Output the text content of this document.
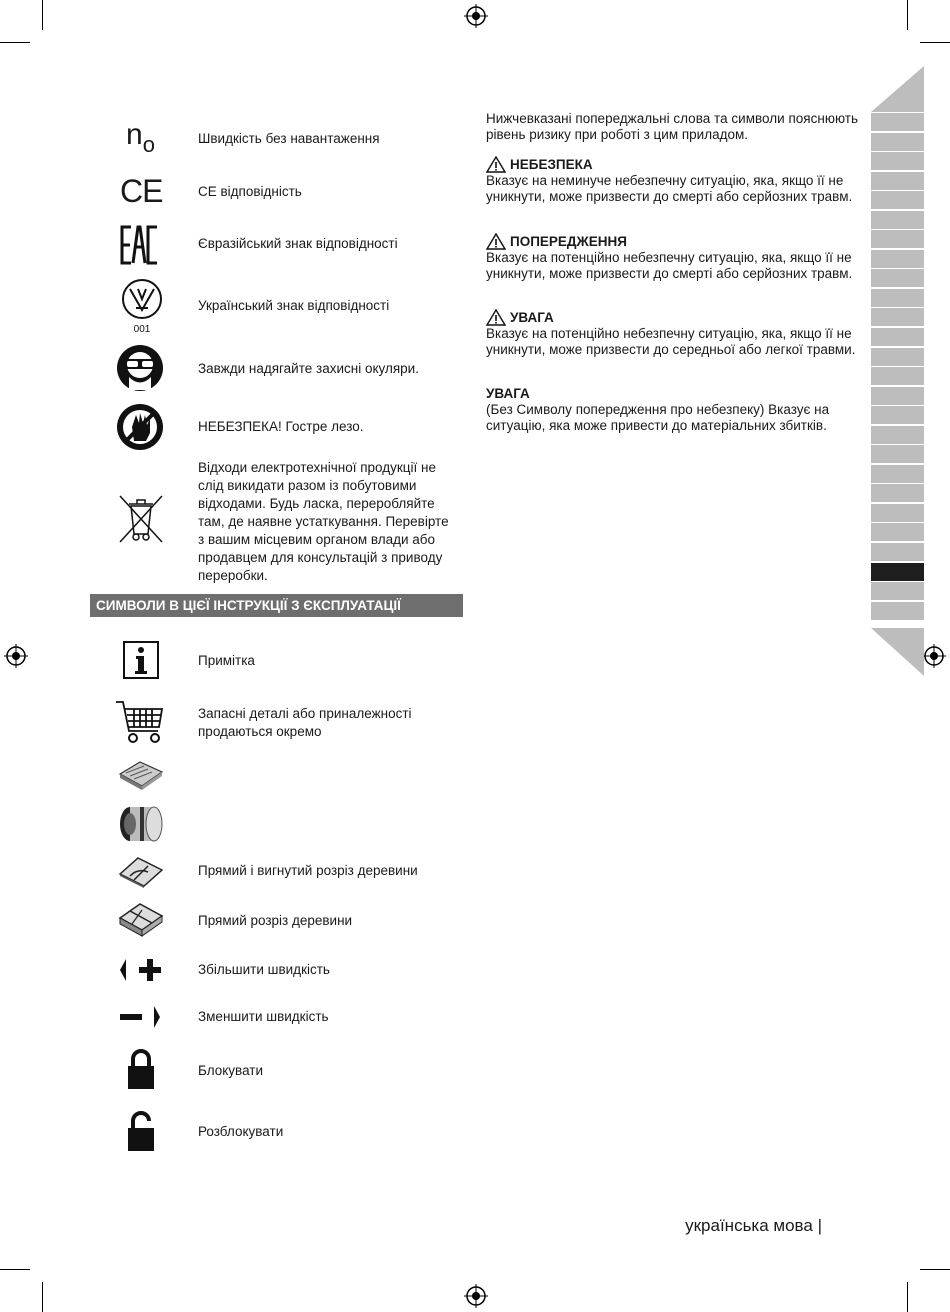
$n_o$	Швидкість без навантаження
CE	CE відповідність
Євразійський знак відповідності
001
Український знак відповідності
Завжди надягайте захисні окуляри.
НЕБЕЗПЕКА! Гостре лезо.
Відходи електротехнічної продукції не слід викидати разом із побутовими відходами. Будь ласка, переробляйте там, де наявне устаткування. Перевірте з вашим місцевим органом влади або продавцем для консультацій з приводу переробки.
СИМВОЛИ В ЦІЄЇ ІНСТРУКЦІЇ З ЄКСПЛУАТАЦІЇ
Примітка
Запасні деталі або приналежності продаються окремо
Прямий і вигнутий розріз деревини
Прямий розріз деревини
Збільшити швидкість
Зменшити швидкість
Блокувати
Розблокувати
Нижчевказані попереджальні слова та символи пояснюють рівень ризику при роботі з цим приладом.
НЕБЕЗПЕКА
Вказує на неминуче небезпечну ситуацію, яка, якщо її не уникнути, може призвести до смерті або серйозних травм.
ПОПЕРЕДЖЕННЯ
Вказує на потенційно небезпечну ситуацію, яка, якщо її не уникнути, може призвести до смерті або серйозних травм.
УВАГА
Вказує на потенційно небезпечну ситуацію, яка, якщо її не уникнути, може призвести до середньої або легкої травми.
УВАГА
(Без Символу попередження про небезпеку) Вказує на ситуацію, яка може привести до матеріальних збитків.
українська мова |
